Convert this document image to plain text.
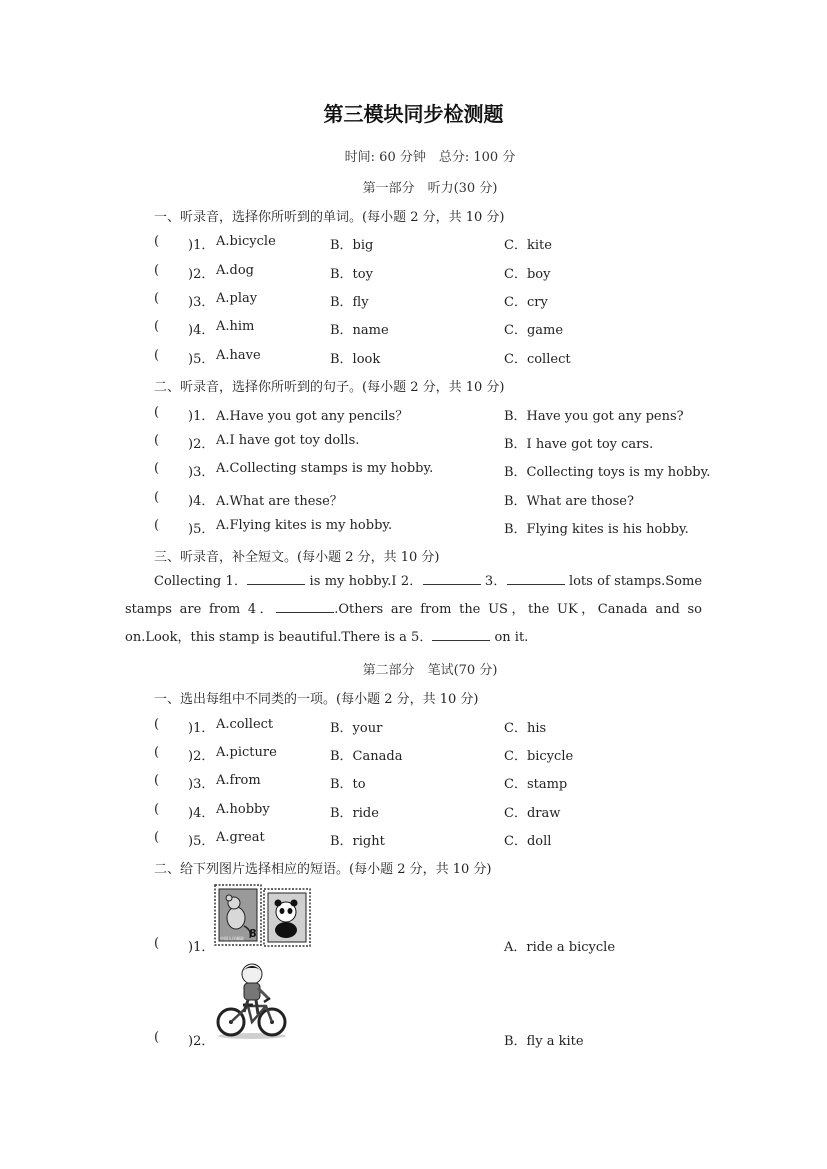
第三模块同步检测题
时间: 60 分钟　总分: 100 分
第一部分　听力(30 分)
一、听录音，选择你所听到的单词。(每小题 2 分，共 10 分)
( )1． A.bicycle	B．big	C．kite
( )2． A.dog	B．toy	C．boy
( )3． A.play	B．fly	C．cry
( )4． A.him	B．name	C．game
( )5． A.have	B．look	C．collect
二、听录音，选择你所听到的句子。(每小题 2 分，共 10 分)
( )1． A.Have you got any pencils？	B．Have you got any pens?
( )2． A.I have got toy dolls.	B．I have got toy cars.
( )3． A.Collecting stamps is my hobby.	B．Collecting toys is my hobby.
( )4． A.What are these？	B．What are those?
( )5． A.Flying kites is my hobby.	B．Flying kites is his hobby.
三、听录音，补全短文。(每小题 2 分，共 10 分)
Collecting 1．	is my hobby.I 2．	3．	lots of stamps.Some stamps are from 4．	.Others are from the US，the UK，Canada and so on.Look，this stamp is beautiful.There is a 5．	on it.
第二部分　笔试(70 分)
一、选出每组中不同类的一项。(每小题 2 分，共 10 分)
( )1． A.collect	B．your	C．his
( )2． A.picture	B．Canada	C．bicycle
( )3． A.from	B．to	C．stamp
( )4． A.hobby	B．ride	C．draw
( )5． A.great	B．right	C．doll
二、给下列图片选择相应的短语。(每小题 2 分，共 10 分)
8
中国人民邮政
( )1．	A．ride a bicycle
( )2．	B．fly a kite
